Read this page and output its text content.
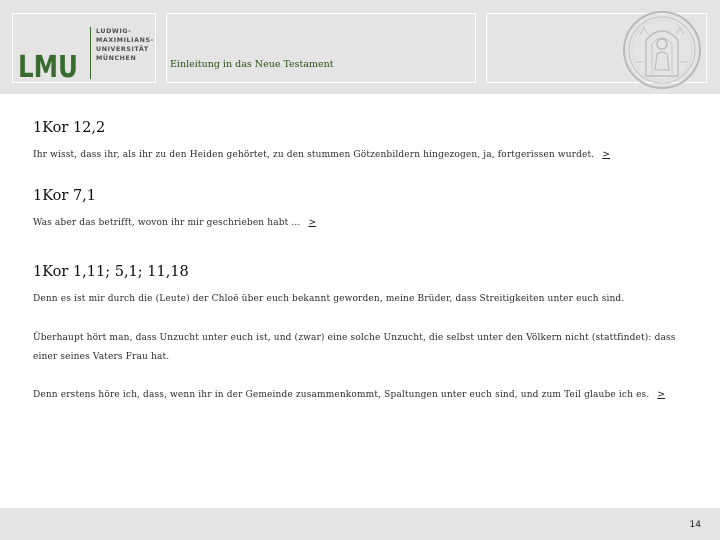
LMU
LUDWIG-
MAXIMILIANS-
UNIVERSITÄT
MÜNCHEN
Einleitung in das Neue Testament
1Kor 12,2
Ihr wisst, dass ihr, als ihr zu den Heiden gehörtet, zu den stummen Götzenbildern hingezogen, ja, fortgerissen wurdet. >
1Kor 7,1
Was aber das betrifft, wovon ihr mir geschrieben habt ... >
1Kor 1,11; 5,1; 11,18
Denn es ist mir durch die (Leute) der Chloë über euch bekannt geworden, meine Brüder, dass Streitigkeiten unter euch sind.
Überhaupt hört man, dass Unzucht unter euch ist, und (zwar) eine solche Unzucht, die selbst unter den Völkern nicht (stattfindet): dass einer seines Vaters Frau hat.
Denn erstens höre ich, dass, wenn ihr in der Gemeinde zusammenkommt, Spaltungen unter euch sind, und zum Teil glaube ich es. >
14
